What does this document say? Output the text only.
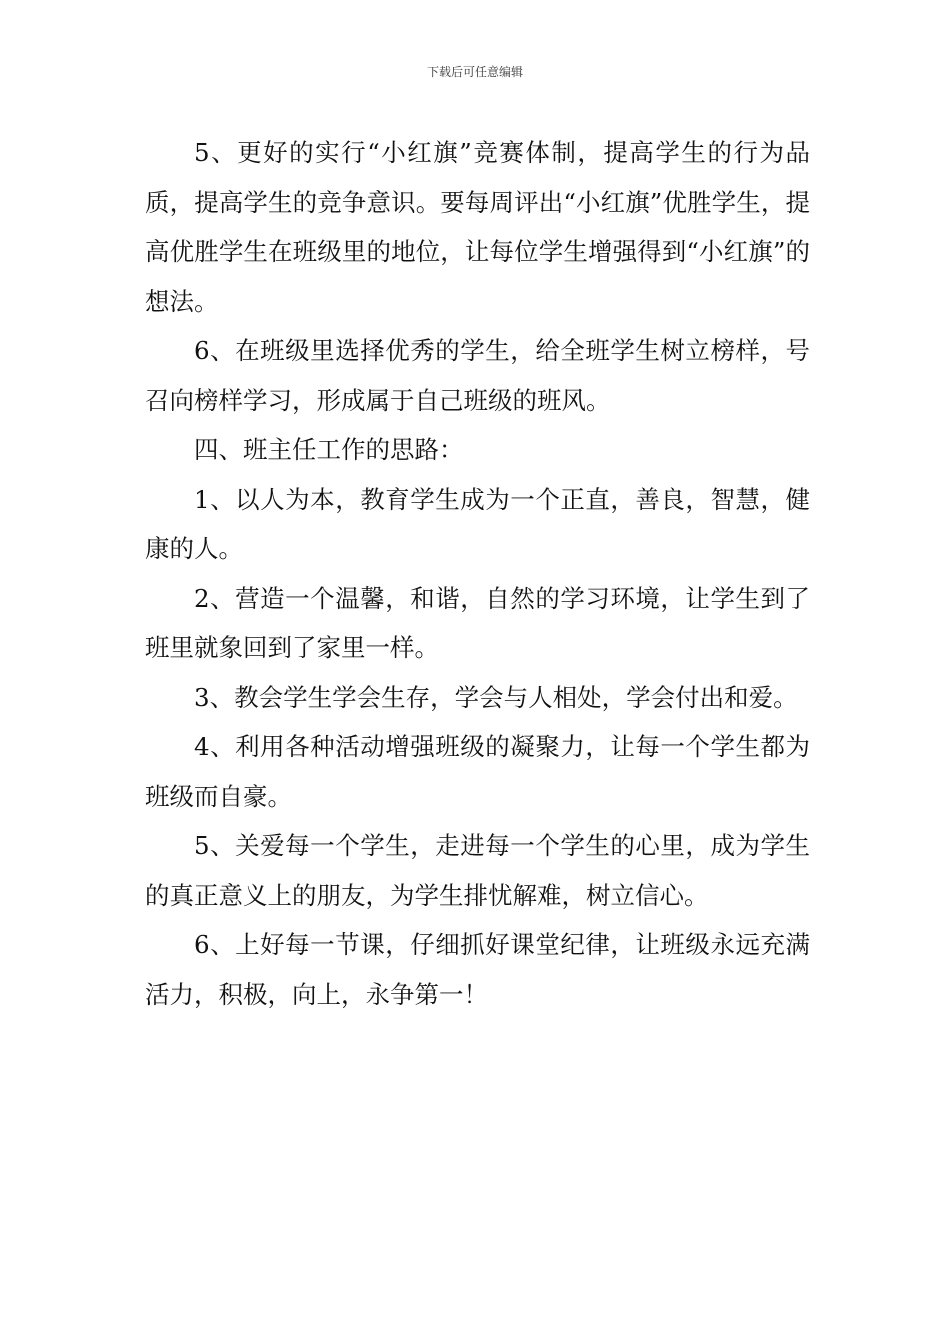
下载后可任意编辑

5、更好的实行“小红旗”竞赛体制，提高学生的行为品质，提高学生的竞争意识。要每周评出“小红旗”优胜学生，提高优胜学生在班级里的地位，让每位学生增强得到“小红旗”的想法。

6、在班级里选择优秀的学生，给全班学生树立榜样，号召向榜样学习，形成属于自己班级的班风。

四、班主任工作的思路：

1、以人为本，教育学生成为一个正直，善良，智慧，健康的人。

2、营造一个温馨，和谐，自然的学习环境，让学生到了班里就象回到了家里一样。

3、教会学生学会生存，学会与人相处，学会付出和爱。

4、利用各种活动增强班级的凝聚力，让每一个学生都为班级而自豪。

5、关爱每一个学生，走进每一个学生的心里，成为学生的真正意义上的朋友，为学生排忧解难，树立信心。

6、上好每一节课，仔细抓好课堂纪律，让班级永远充满活力，积极，向上，永争第一！
